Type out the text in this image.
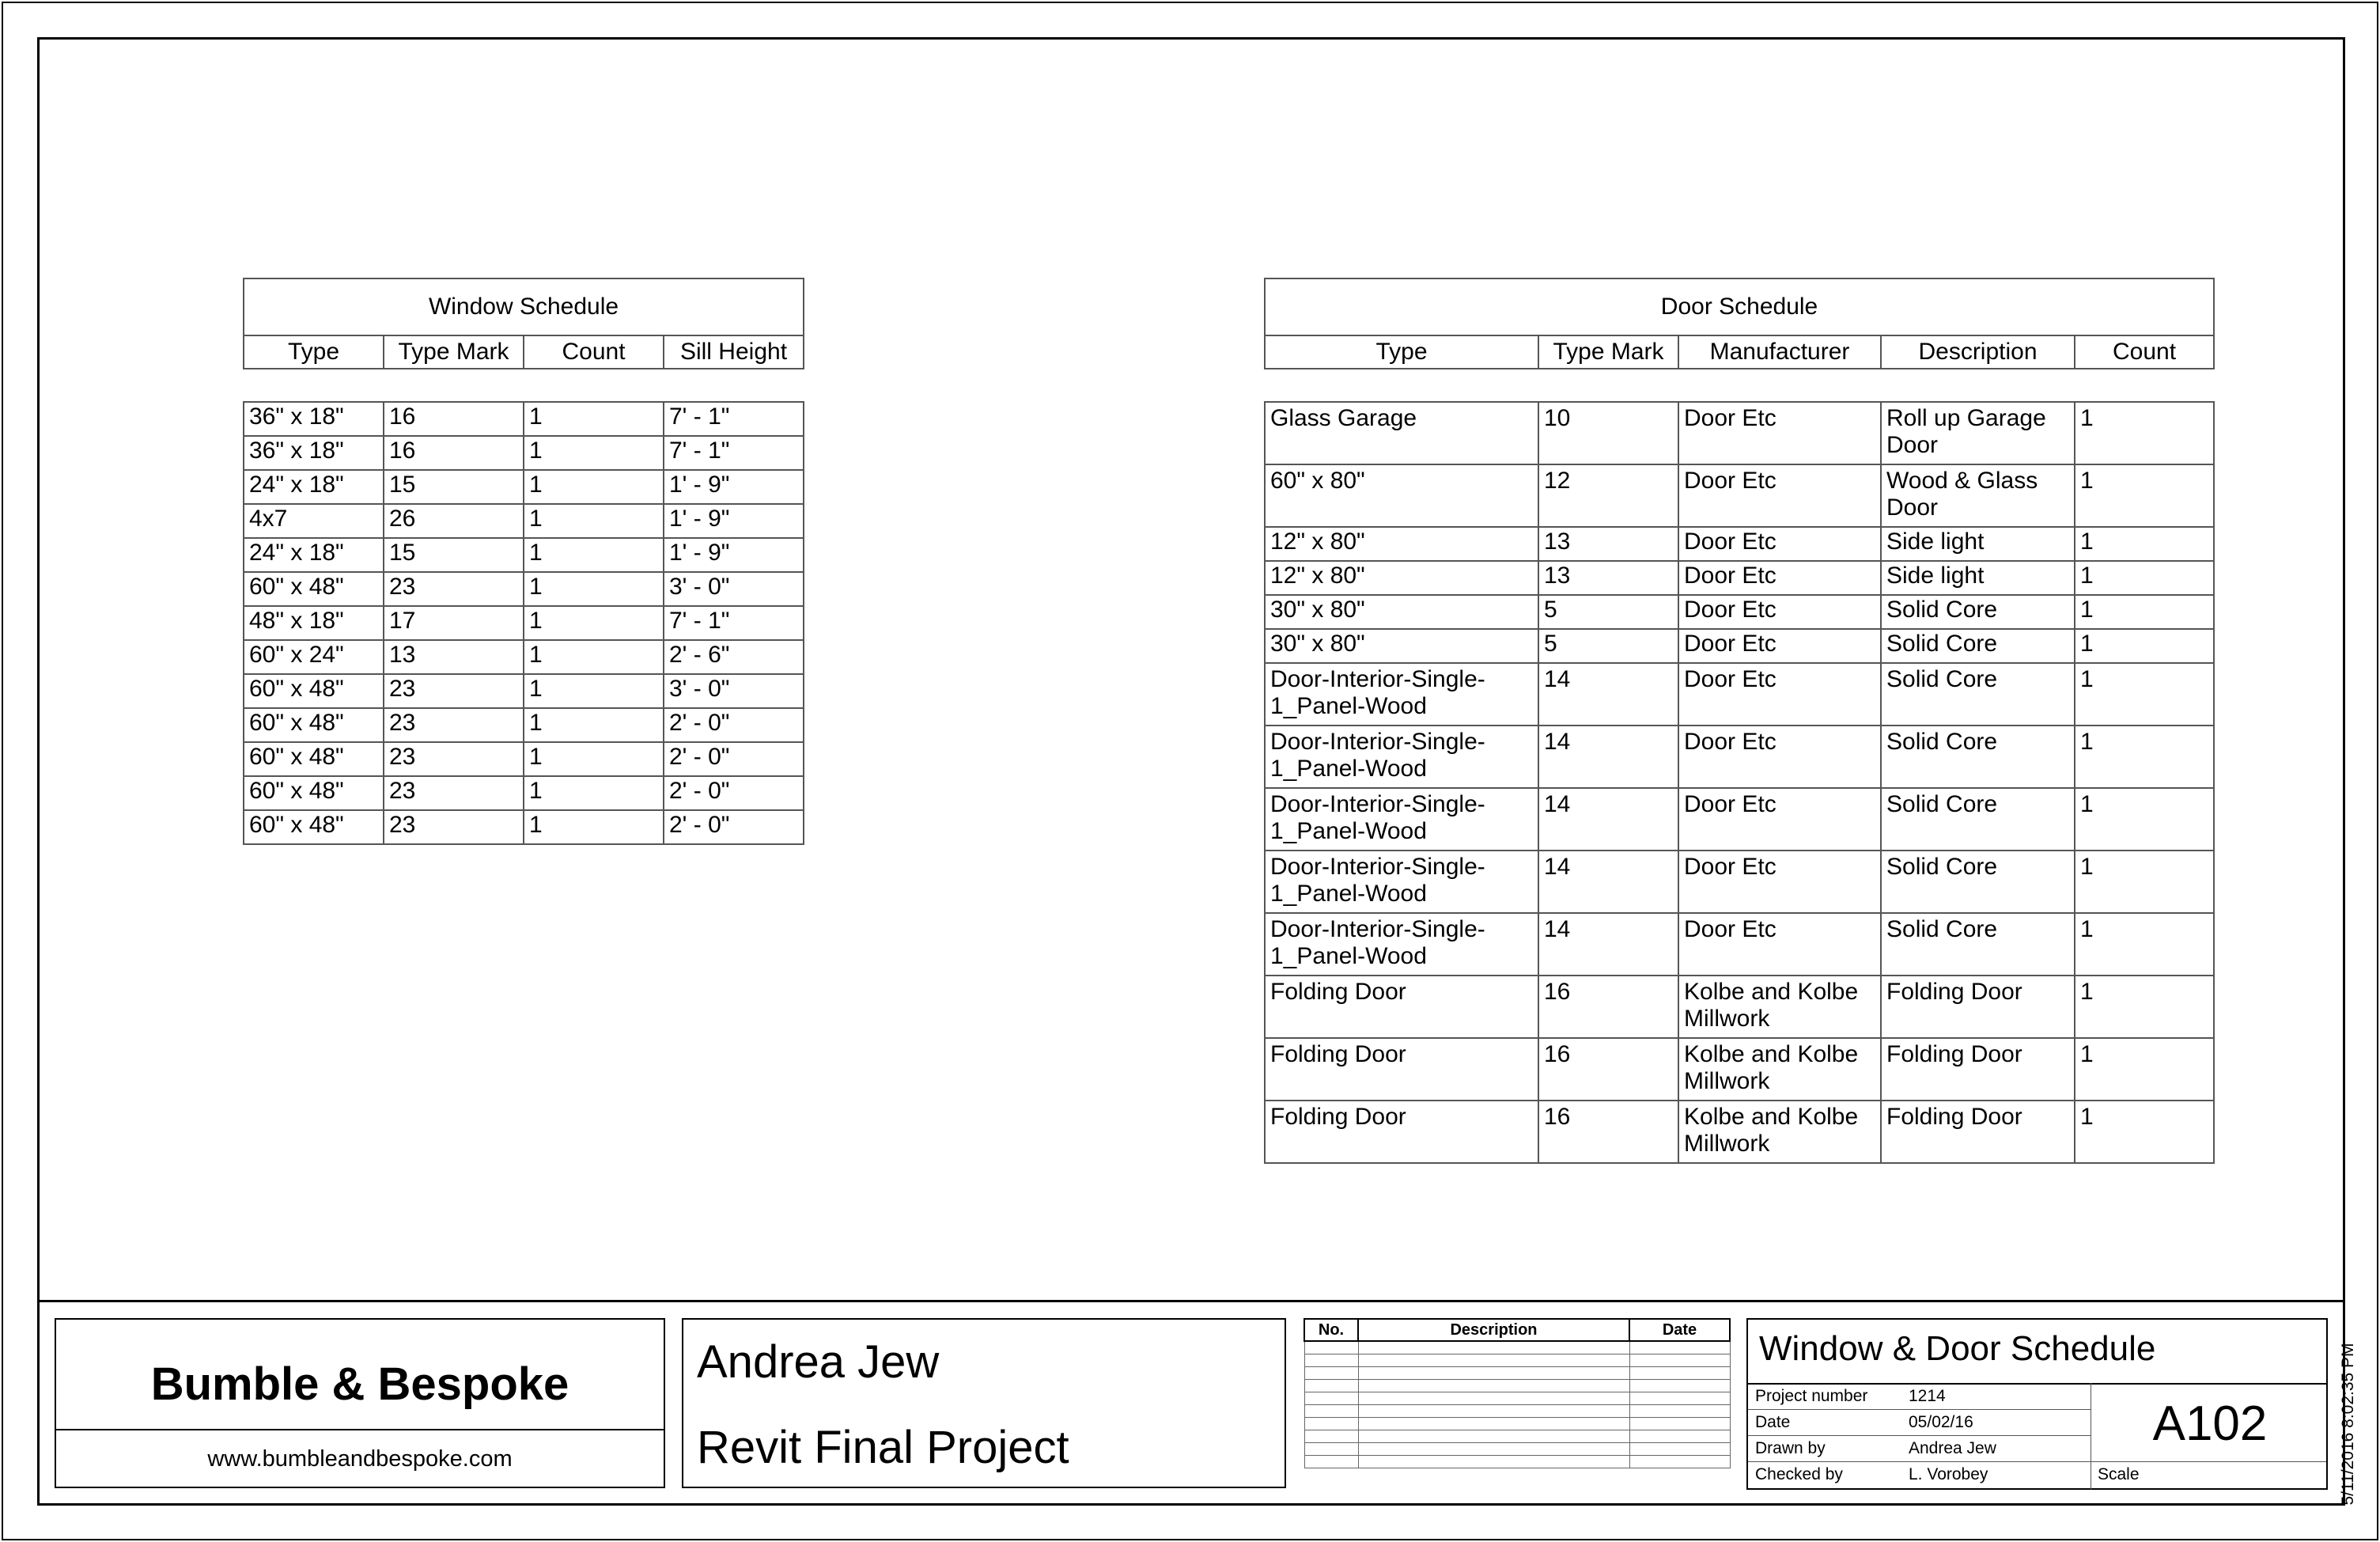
Window Schedule			
Type	Type Mark	Count	Sill Height

36" x 18"	16	1	7' - 1"
36" x 18"	16	1	7' - 1"
24" x 18"	15	1	1' - 9"
4x7	26	1	1' - 9"
24" x 18"	15	1	1' - 9"
60" x 48"	23	1	3' - 0"
48" x 18"	17	1	7' - 1"
60" x 24"	13	1	2' - 6"
60" x 48"	23	1	3' - 0"
60" x 48"	23	1	2' - 0"
60" x 48"	23	1	2' - 0"
60" x 48"	23	1	2' - 0"
60" x 48"	23	1	2' - 0"
Door Schedule				
Type	Type Mark	Manufacturer	Description	Count

Glass Garage	10	Door Etc	Roll up Garage Door	1
60" x 80"	12	Door Etc	Wood & Glass Door	1
12" x 80"	13	Door Etc	Side light	1
12" x 80"	13	Door Etc	Side light	1
30" x 80"	5	Door Etc	Solid Core	1
30" x 80"	5	Door Etc	Solid Core	1
Door-Interior-Single-1_Panel-Wood	14	Door Etc	Solid Core	1
Door-Interior-Single-1_Panel-Wood	14	Door Etc	Solid Core	1
Door-Interior-Single-1_Panel-Wood	14	Door Etc	Solid Core	1
Door-Interior-Single-1_Panel-Wood	14	Door Etc	Solid Core	1
Door-Interior-Single-1_Panel-Wood	14	Door Etc	Solid Core	1
Folding Door	16	Kolbe and Kolbe Millwork	Folding Door	1
Folding Door	16	Kolbe and Kolbe Millwork	Folding Door	1
Folding Door	16	Kolbe and Kolbe Millwork	Folding Door	1
Bumble & Bespoke
www.bumbleandbespoke.com
Andrea Jew
Revit Final Project
No.	Description	Date

		Window & Door Schedule
Project number 1214
Date	05/02/16
Drawn by	Andrea Jew
Checked by	L. Vorobey	Scale
A102	5/11/2016 8:02:35 PM
